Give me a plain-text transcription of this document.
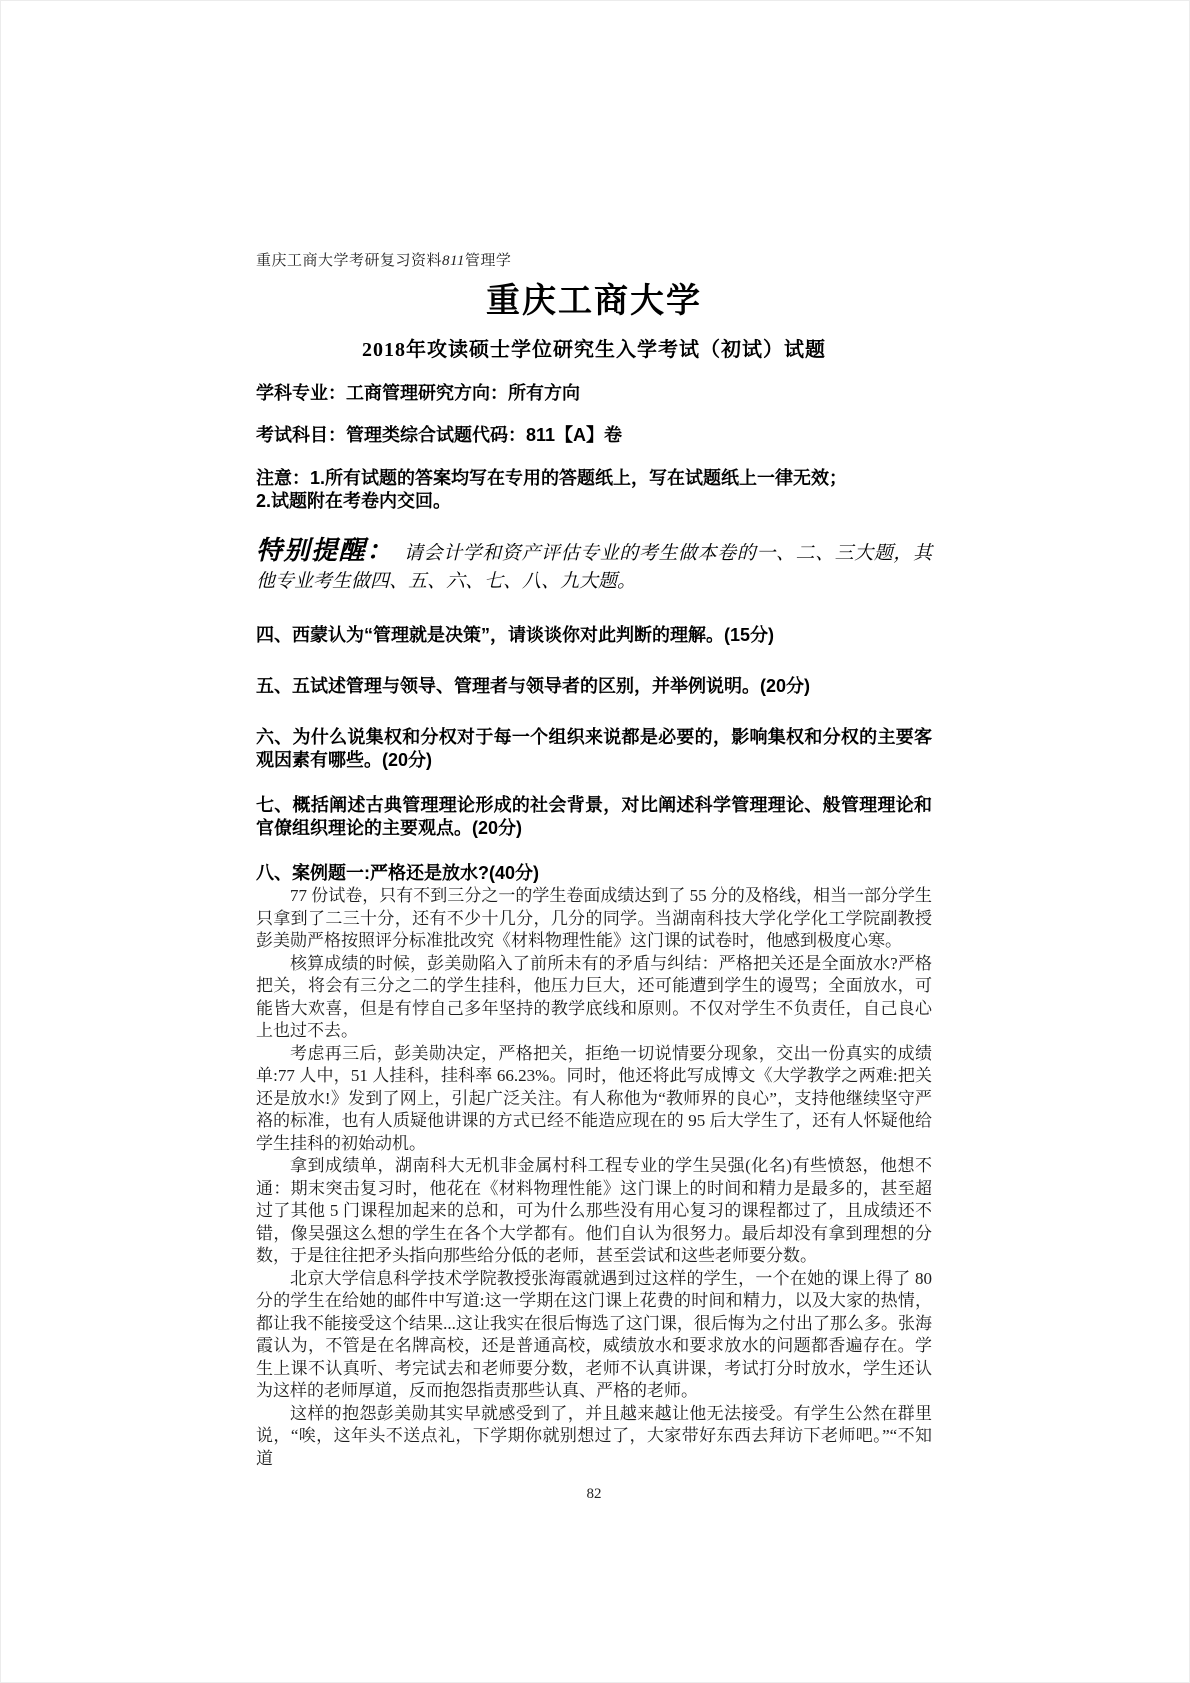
重庆工商大学考研复习资料811管理学
重庆工商大学
2018年攻读硕士学位研究生入学考试（初试）试题

学科专业：工商管理研究方向：所有方向

考试科目：管理类综合试题代码：811【A】卷

注意：1.所有试题的答案均写在专用的答题纸上，写在试题纸上一律无效；
2.试题附在考卷内交回。

特别提醒： 请会计学和资产评估专业的考生做本卷的一、二、三大题，其他专业考生做四、五、六、七、八、九大题。

四、西蒙认为“管理就是决策”，请谈谈你对此判断的理解。(15分)

五、五试述管理与领导、管理者与领导者的区别，并举例说明。(20分)

六、为什么说集权和分权对于每一个组织来说都是必要的，影响集权和分权的主要客观因素有哪些。(20分)

七、概括阐述古典管理理论形成的社会背景，对比阐述科学管理理论、般管理理论和官僚组织理论的主要观点。(20分)

八、案例题一:严格还是放水?(40分)

77 份试卷，只有不到三分之一的学生卷面成绩达到了 55 分的及格线，相当一部分学生只拿到了二三十分，还有不少十几分，几分的同学。当湖南科技大学化学化工学院副教授彭美勋严格按照评分标准批改究《材料物理性能》这门课的试卷时，他感到极度心寒。

核算成绩的时候，彭美勋陷入了前所未有的矛盾与纠结：严格把关还是全面放水?严格把关，将会有三分之二的学生挂科，他压力巨大，还可能遭到学生的谩骂；全面放水，可能皆大欢喜，但是有悖自己多年坚持的教学底线和原则。不仅对学生不负责任，自己良心上也过不去。

考虑再三后，彭美勋决定，严格把关，拒绝一切说情要分现象，交出一份真实的成绩单:77 人中，51 人挂科，挂科率 66.23%。同时，他还将此写成博文《大学教学之两难:把关还是放水!》发到了网上，引起广泛关注。有人称他为“教师界的良心”，支持他继续坚守严袼的标准，也有人质疑他讲课的方式已经不能造应现在的 95 后大学生了，还有人怀疑他给学生挂科的初始动机。

拿到成绩单，湖南科大无机非金属村科工程专业的学生吴强(化名)有些愤怒，他想不通：期末突击复习时，他花在《材料物理性能》这门课上的时间和精力是最多的，甚至超过了其他 5 门课程加起来的总和，可为什么那些没有用心复习的课程都过了，且成绩还不错，像吴强这么想的学生在各个大学都有。他们自认为很努力。最后却没有拿到理想的分数，于是往往把矛头指向那些给分低的老师，甚至尝试和这些老师要分数。

北京大学信息科学技术学院教授张海霞就遇到过这样的学生，一个在她的课上得了 80 分的学生在给她的邮件中写道:这一学期在这门课上花费的时间和精力，以及大家的热情，都让我不能接受这个结果...这让我实在很后悔选了这门课，很后悔为之付出了那么多。张海霞认为，不管是在名牌高校，还是普通高校，威绩放水和要求放水的问题都香遍存在。学生上课不认真听、考完试去和老师要分数，老师不认真讲课，考试打分时放水，学生还认为这样的老师厚道，反而抱怨指责那些认真、严格的老师。

这样的抱怨彭美勋其实早就感受到了，并且越来越让他无法接受。有学生公然在群里说，“唉，这年头不送点礼，下学期你就别想过了，大家带好东西去拜访下老师吧。”“不知道

82
